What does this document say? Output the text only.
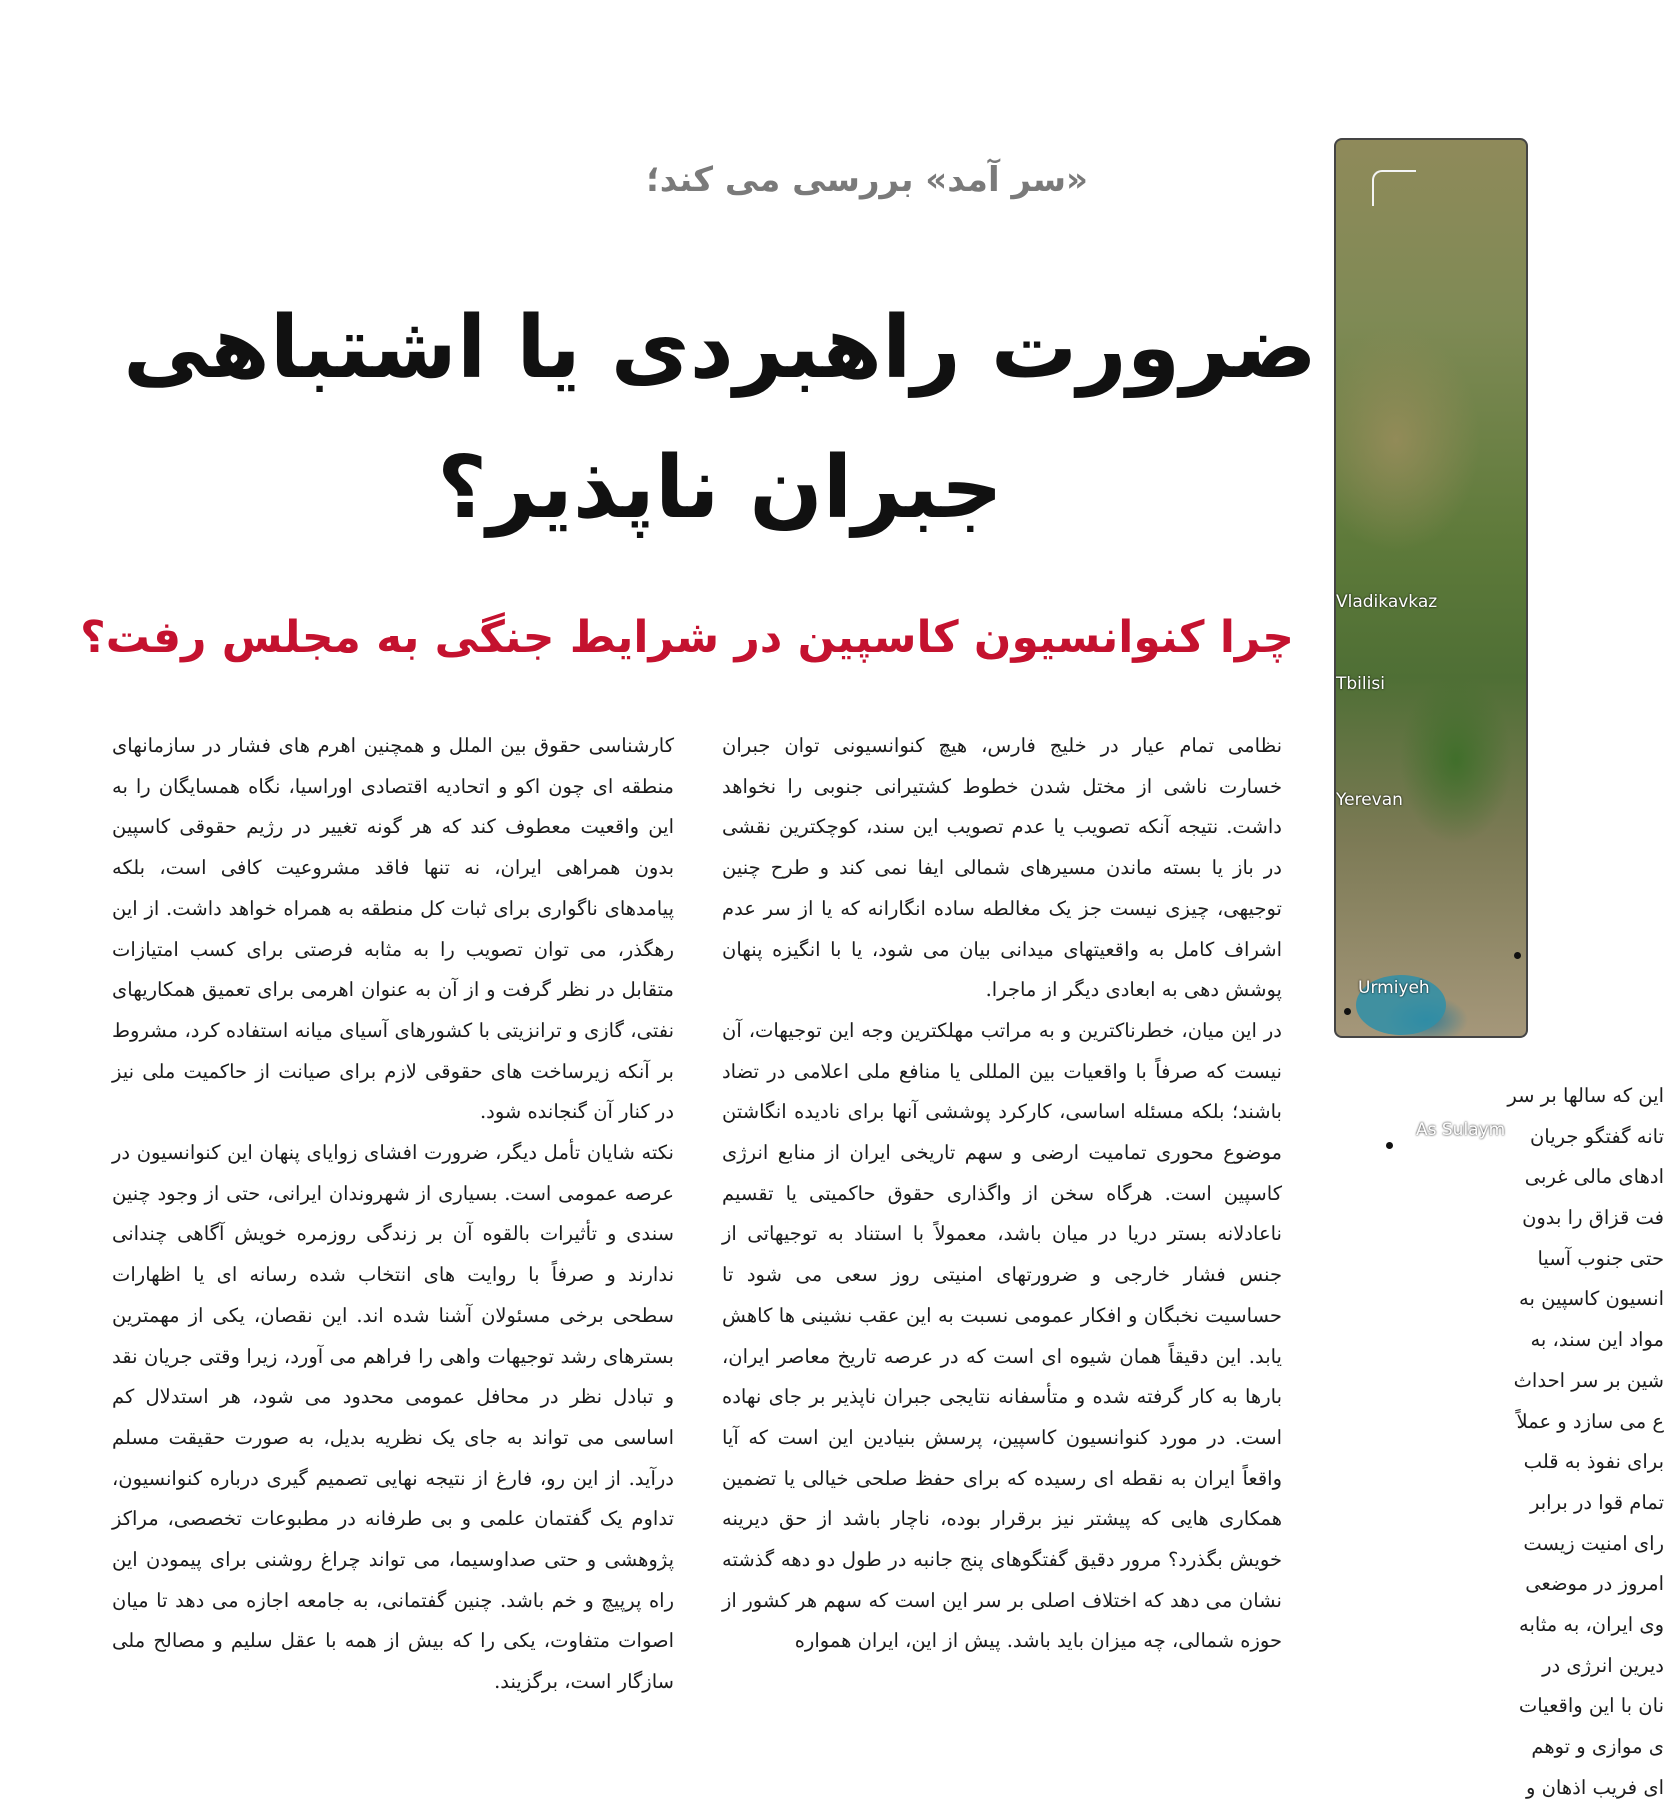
Vladikavkaz
Tbilisi
Yerevan
Urmiyeh
As Sulaym
«سر آمد» بررسی می کند؛
ضرورت راهبردی یا اشتباهی
جبران ناپذیر؟
چرا کنوانسیون کاسپین در شرایط جنگی به مجلس رفت؟

نظامی تمام عیار در خلیج فارس، هیچ کنوانسیونی توان جبران خسارت ناشی از مختل شدن خطوط کشتیرانی جنوبی را نخواهد داشت. نتیجه آنکه تصویب یا عدم تصویب این سند، کوچکترین نقشی در باز یا بسته ماندن مسیرهای شمالی ایفا نمی کند و طرح چنین توجیهی، چیزی نیست جز یک مغالطه ساده انگارانه که یا از سر عدم اشراف کامل به واقعیتهای میدانی بیان می شود، یا با انگیزه پنهان پوشش دهی به ابعادی دیگر از ماجرا.

در این میان، خطرناکترین و به مراتب مهلکترین وجه این توجیهات، آن نیست که صرفاً با واقعیات بین المللی یا منافع ملی اعلامی در تضاد باشند؛ بلکه مسئله اساسی، کارکرد پوششی آنها برای نادیده انگاشتن موضوع محوری تمامیت ارضی و سهم تاریخی ایران از منابع انرژی کاسپین است. هرگاه سخن از واگذاری حقوق حاکمیتی یا تقسیم ناعادلانه بستر دریا در میان باشد، معمولاً با استناد به توجیهاتی از جنس فشار خارجی و ضرورتهای امنیتی روز سعی می شود تا حساسیت نخبگان و افکار عمومی نسبت به این عقب نشینی ها کاهش یابد. این دقیقاً همان شیوه ای است که در عرصه تاریخ معاصر ایران، بارها به کار گرفته شده و متأسفانه نتایجی جبران ناپذیر بر جای نهاده است. در مورد کنوانسیون کاسپین، پرسش بنیادین این است که آیا واقعاً ایران به نقطه ای رسیده که برای حفظ صلحی خیالی یا تضمین همکاری هایی که پیشتر نیز برقرار بوده، ناچار باشد از حق دیرینه خویش بگذرد؟ مرور دقیق گفتگوهای پنج جانبه در طول دو دهه گذشته نشان می دهد که اختلاف اصلی بر سر این است که سهم هر کشور از حوزه شمالی، چه میزان باید باشد. پیش از این، ایران همواره

کارشناسی حقوق بین الملل و همچنین اهرم های فشار در سازمانهای منطقه ای چون اکو و اتحادیه اقتصادی اوراسیا، نگاه همسایگان را به این واقعیت معطوف کند که هر گونه تغییر در رژیم حقوقی کاسپین بدون همراهی ایران، نه تنها فاقد مشروعیت کافی است، بلکه پیامدهای ناگواری برای ثبات کل منطقه به همراه خواهد داشت. از این رهگذر، می توان تصویب را به مثابه فرصتی برای کسب امتیازات متقابل در نظر گرفت و از آن به عنوان اهرمی برای تعمیق همکاریهای نفتی، گازی و ترانزیتی با کشورهای آسیای میانه استفاده کرد، مشروط بر آنکه زیرساخت های حقوقی لازم برای صیانت از حاکمیت ملی نیز در کنار آن گنجانده شود.

نکته شایان تأمل دیگر، ضرورت افشای زوایای پنهان این کنوانسیون در عرصه عمومی است. بسیاری از شهروندان ایرانی، حتی از وجود چنین سندی و تأثیرات بالقوه آن بر زندگی روزمره خویش آگاهی چندانی ندارند و صرفاً با روایت های انتخاب شده رسانه ای یا اظهارات سطحی برخی مسئولان آشنا شده اند. این نقصان، یکی از مهمترین بسترهای رشد توجیهات واهی را فراهم می آورد، زیرا وقتی جریان نقد و تبادل نظر در محافل عمومی محدود می شود، هر استدلال کم اساسی می تواند به جای یک نظریه بدیل، به صورت حقیقت مسلم درآید. از این رو، فارغ از نتیجه نهایی تصمیم گیری درباره کنوانسیون، تداوم یک گفتمان علمی و بی طرفانه در مطبوعات تخصصی، مراکز پژوهشی و حتی صداوسیما، می تواند چراغ روشنی برای پیمودن این راه پرپیچ و خم باشد. چنین گفتمانی، به جامعه اجازه می دهد تا میان اصوات متفاوت، یکی را که بیش از همه با عقل سلیم و مصالح ملی سازگار است، برگزیند.

این که سالها بر سر
تانه گفتگو جریان
ادهای مالی غربی
فت قزاق را بدون
حتی جنوب آسیا
انسیون کاسپین به
مواد این سند، به
شین بر سر احداث
ع می سازد و عملاً
برای نفوذ به قلب
تمام قوا در برابر
رای امنیت زیست
امروز در موضعی
وی ایران، به مثابه
دیرین انرژی در
نان با این واقعیات
ی موازی و توهم
ای فریب اذهان و
